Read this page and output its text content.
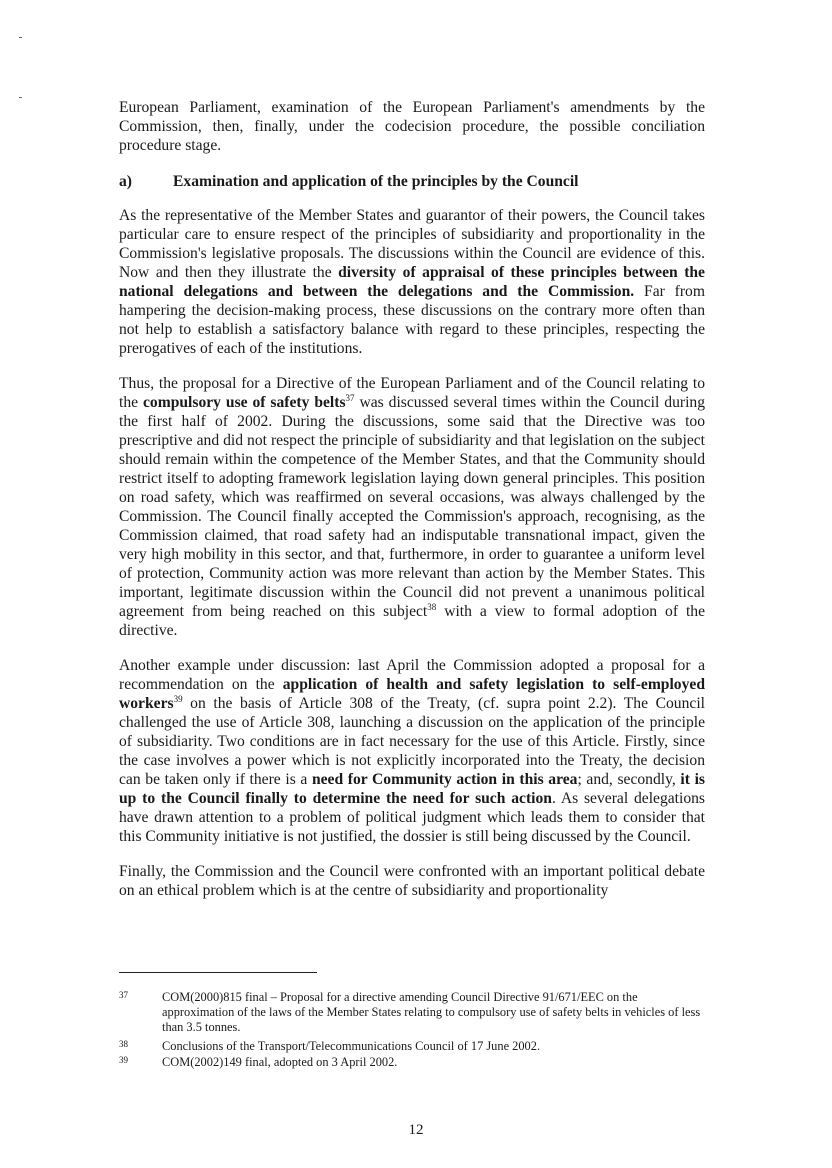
European Parliament, examination of the European Parliament's amendments by the Commission, then, finally, under the codecision procedure, the possible conciliation procedure stage.

a)	Examination and application of the principles by the Council

As the representative of the Member States and guarantor of their powers, the Council takes particular care to ensure respect of the principles of subsidiarity and proportionality in the Commission's legislative proposals. The discussions within the Council are evidence of this. Now and then they illustrate the diversity of appraisal of these principles between the national delegations and between the delegations and the Commission. Far from hampering the decision-making process, these discussions on the contrary more often than not help to establish a satisfactory balance with regard to these principles, respecting the prerogatives of each of the institutions.

Thus, the proposal for a Directive of the European Parliament and of the Council relating to the compulsory use of safety belts$^{37}$ was discussed several times within the Council during the first half of 2002. During the discussions, some said that the Directive was too prescriptive and did not respect the principle of subsidiarity and that legislation on the subject should remain within the competence of the Member States, and that the Community should restrict itself to adopting framework legislation laying down general principles. This position on road safety, which was reaffirmed on several occasions, was always challenged by the Commission. The Council finally accepted the Commission's approach, recognising, as the Commission claimed, that road safety had an indisputable transnational impact, given the very high mobility in this sector, and that, furthermore, in order to guarantee a uniform level of protection, Community action was more relevant than action by the Member States. This important, legitimate discussion within the Council did not prevent a unanimous political agreement from being reached on this subject$^{38}$ with a view to formal adoption of the directive.

Another example under discussion: last April the Commission adopted a proposal for a recommendation on the application of health and safety legislation to self-employed workers$^{39}$ on the basis of Article 308 of the Treaty, (cf. supra point 2.2). The Council challenged the use of Article 308, launching a discussion on the application of the principle of subsidiarity. Two conditions are in fact necessary for the use of this Article. Firstly, since the case involves a power which is not explicitly incorporated into the Treaty, the decision can be taken only if there is a need for Community action in this area; and, secondly, it is up to the Council finally to determine the need for such action. As several delegations have drawn attention to a problem of political judgment which leads them to consider that this Community initiative is not justified, the dossier is still being discussed by the Council.

Finally, the Commission and the Council were confronted with an important political debate on an ethical problem which is at the centre of subsidiarity and proportionality

37	COM(2000)815 final – Proposal for a directive amending Council Directive 91/671/EEC on the approximation of the laws of the Member States relating to compulsory use of safety belts in vehicles of less than 3.5 tonnes.
38	Conclusions of the Transport/Telecommunications Council of 17 June 2002.
39	COM(2002)149 final, adopted on 3 April 2002.
12
